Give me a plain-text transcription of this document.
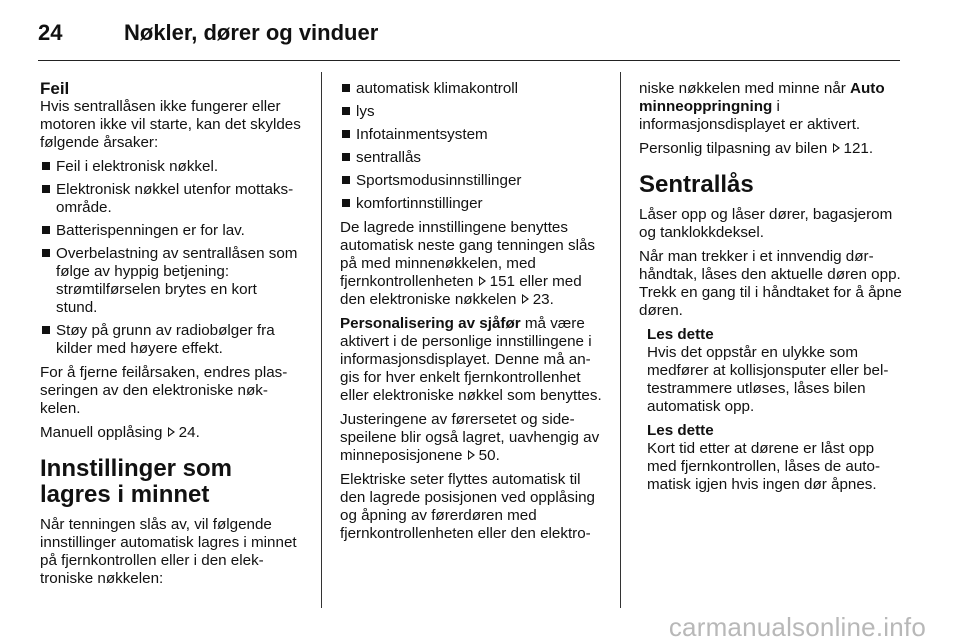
24	Nøkler, dører og vinduer
Feil

Hvis sentrallåsen ikke fungerer eller motoren ikke vil starte, kan det skyldes følgende årsaker:

Feil i elektronisk nøkkel.
Elektronisk nøkkel utenfor mottaksområde.
Batterispenningen er for lav.
Overbelastning av sentrallåsen som følge av hyppig betjening: strømtilførselen brytes en kort stund.
Støy på grunn av radiobølger fra kilder med høyere effekt.

For å fjerne feilårsaken, endres plasseringen av den elektroniske nøkkelen.

Manuell opplåsing 24.

Innstillinger som lagres i minnet

Når tenningen slås av, vil følgende innstillinger automatisk lagres i minnet på fjernkontrollen eller i den elektroniske nøkkelen:

automatisk klimakontroll
lys
Infotainmentsystem
sentrallås
Sportsmodusinnstillinger
komfortinnstillinger

De lagrede innstillingene benyttes automatisk neste gang tenningen slås på med minnenøkkelen, med fjernkontrollenheten 151 eller med den elektroniske nøkkelen 23.

Personalisering av sjåfør må være aktivert i de personlige innstillingene i informasjonsdisplayet. Denne må angis for hver enkelt fjernkontrollenhet eller elektroniske nøkkel som benyttes.

Justeringene av førersetet og sidespeilene blir også lagret, uavhengig av minneposisjonene 50.

Elektriske seter flyttes automatisk til den lagrede posisjonen ved opplåsing og åpning av førerdøren med fjernkontrollenheten eller den elektro-

niske nøkkelen med minne når Auto minneoppringning i informasjonsdisplayet er aktivert.

Personlig tilpasning av bilen 121.

Sentrallås

Låser opp og låser dører, bagasjerom og tanklokkdeksel.

Når man trekker i et innvendig dørhåndtak, låses den aktuelle døren opp. Trekk en gang til i håndtaket for å åpne døren.

Les dette
Hvis det oppstår en ulykke som medfører at kollisjonsputer eller beltestrammere utløses, låses bilen automatisk opp.
Les dette
Kort tid etter at dørene er låst opp med fjernkontrollen, låses de automatisk igjen hvis ingen dør åpnes.
carmanualsonline.info
